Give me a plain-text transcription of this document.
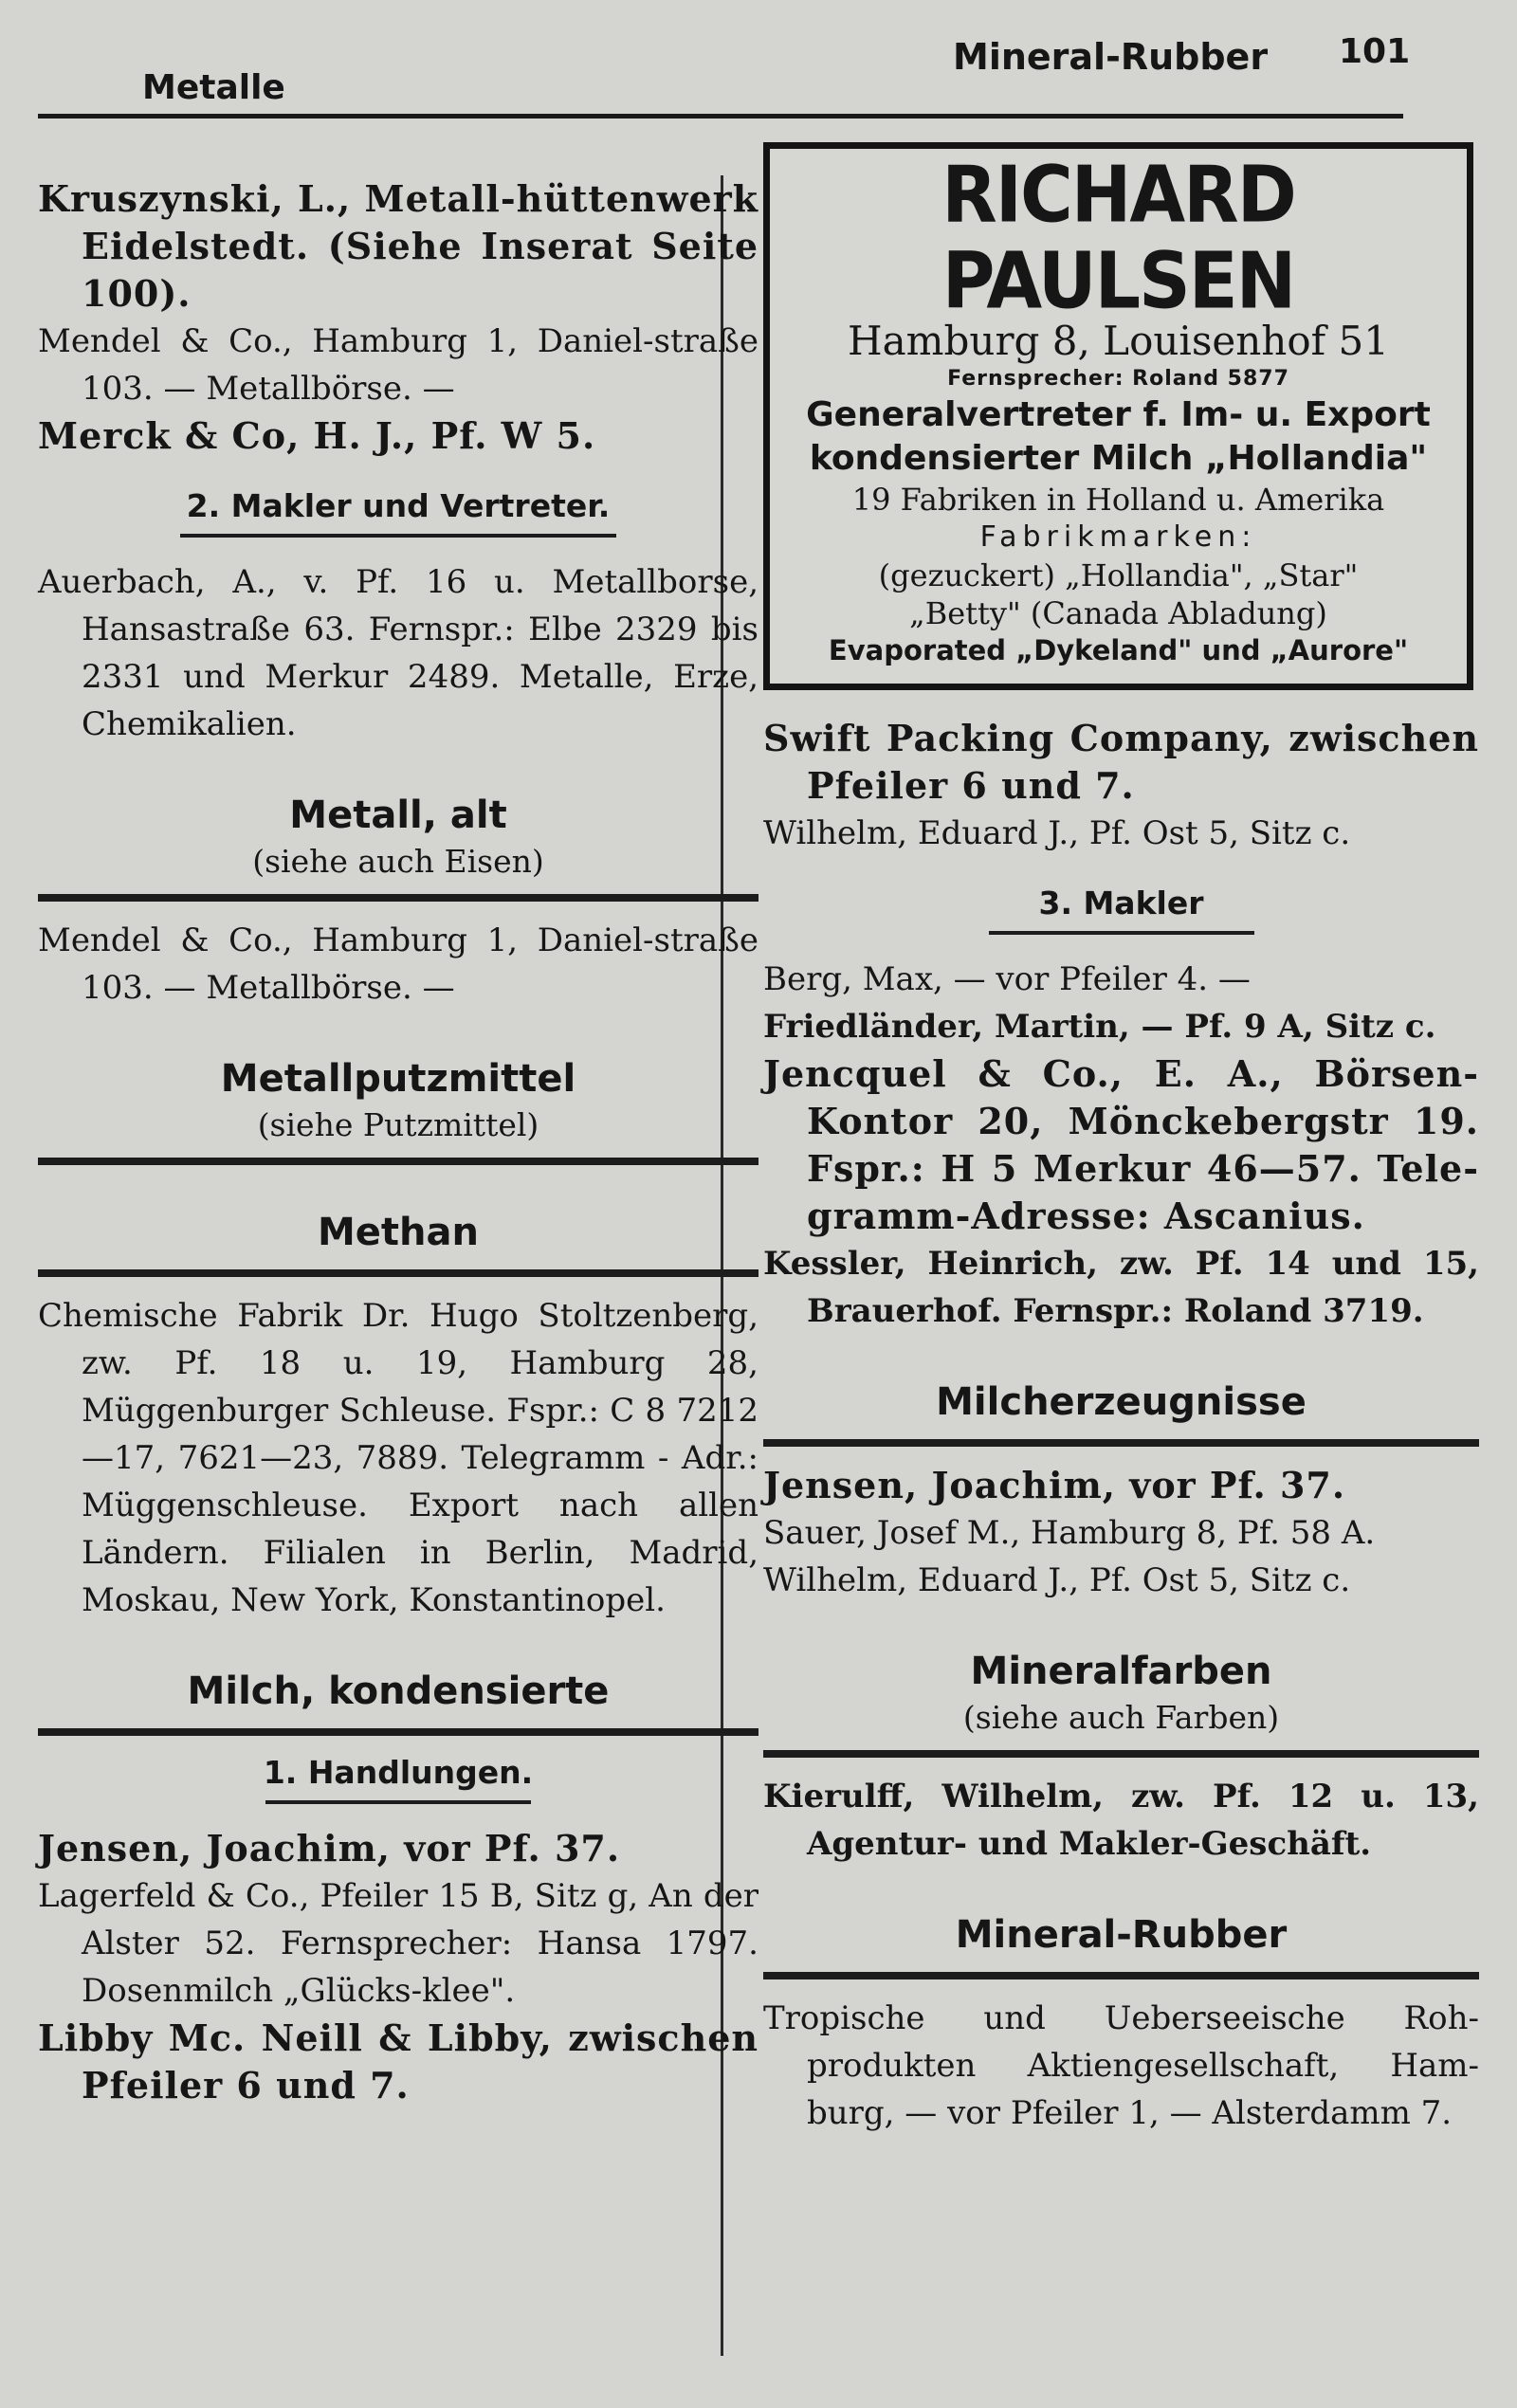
Metalle
Mineral-Rubber 101

Kruszynski, L., Metall-hüttenwerk Eidelstedt. (Siehe Inserat Seite 100).

Mendel & Co., Hamburg 1, Daniel-straße 103. — Metallbörse. —

Merck & Co, H. J., Pf. W 5.

2. Makler und Vertreter.

Auerbach, A., v. Pf. 16 u. Metallborse, Hansastraße 63. Fernspr.: Elbe 2329 bis 2331 und Merkur 2489. Metalle, Erze, Chemikalien.

Metall, alt

(siehe auch Eisen)

Mendel & Co., Hamburg 1, Daniel-straße 103. — Metallbörse. —

Metallputzmittel

(siehe Putzmittel)

Methan

Chemische Fabrik Dr. Hugo Stoltzenberg, zw. Pf. 18 u. 19, Hamburg 28, Müggenburger Schleuse. Fspr.: C 8 7212—17, 7621—23, 7889. Telegramm - Adr.: Müggenschleuse. Export nach allen Ländern. Filialen in Berlin, Madrid, Moskau, New York, Konstantinopel.

Milch, kondensierte
1. Handlungen.

Jensen, Joachim, vor Pf. 37.

Lagerfeld & Co., Pfeiler 15 B, Sitz g, An der Alster 52. Fernsprecher: Hansa 1797. Dosenmilch „Glücks-klee".

Libby Mc. Neill & Libby, zwischen Pfeiler 6 und 7.

RICHARD PAULSEN
Hamburg 8, Louisenhof 51
Fernsprecher: Roland 5877
Generalvertreter f. Im- u. Export
kondensierter Milch „Hollandia"
19 Fabriken in Holland u. Amerika
Fabrikmarken:
(gezuckert) „Hollandia", „Star"
„Betty" (Canada Abladung)
Evaporated „Dykeland" und „Aurore"

Swift Packing Company, zwischen Pfeiler 6 und 7.

Wilhelm, Eduard J., Pf. Ost 5, Sitz c.

3. Makler

Berg, Max, — vor Pfeiler 4. —

Friedländer, Martin, — Pf. 9 A, Sitz c.

Jencquel & Co., E. A., Börsen-Kontor 20, Mönckebergstr 19. Fspr.: H 5 Merkur 46—57. Tele-gramm-Adresse: Ascanius.

Kessler, Heinrich, zw. Pf. 14 und 15, Brauerhof. Fernspr.: Roland 3719.

Milcherzeugnisse

Jensen, Joachim, vor Pf. 37.

Sauer, Josef M., Hamburg 8, Pf. 58 A.

Wilhelm, Eduard J., Pf. Ost 5, Sitz c.

Mineralfarben

(siehe auch Farben)

Kierulff, Wilhelm, zw. Pf. 12 u. 13, Agentur- und Makler-Geschäft.

Mineral-Rubber

Tropische und Ueberseeische Roh-produkten Aktiengesellschaft, Ham-burg, — vor Pfeiler 1, — Alsterdamm 7.
